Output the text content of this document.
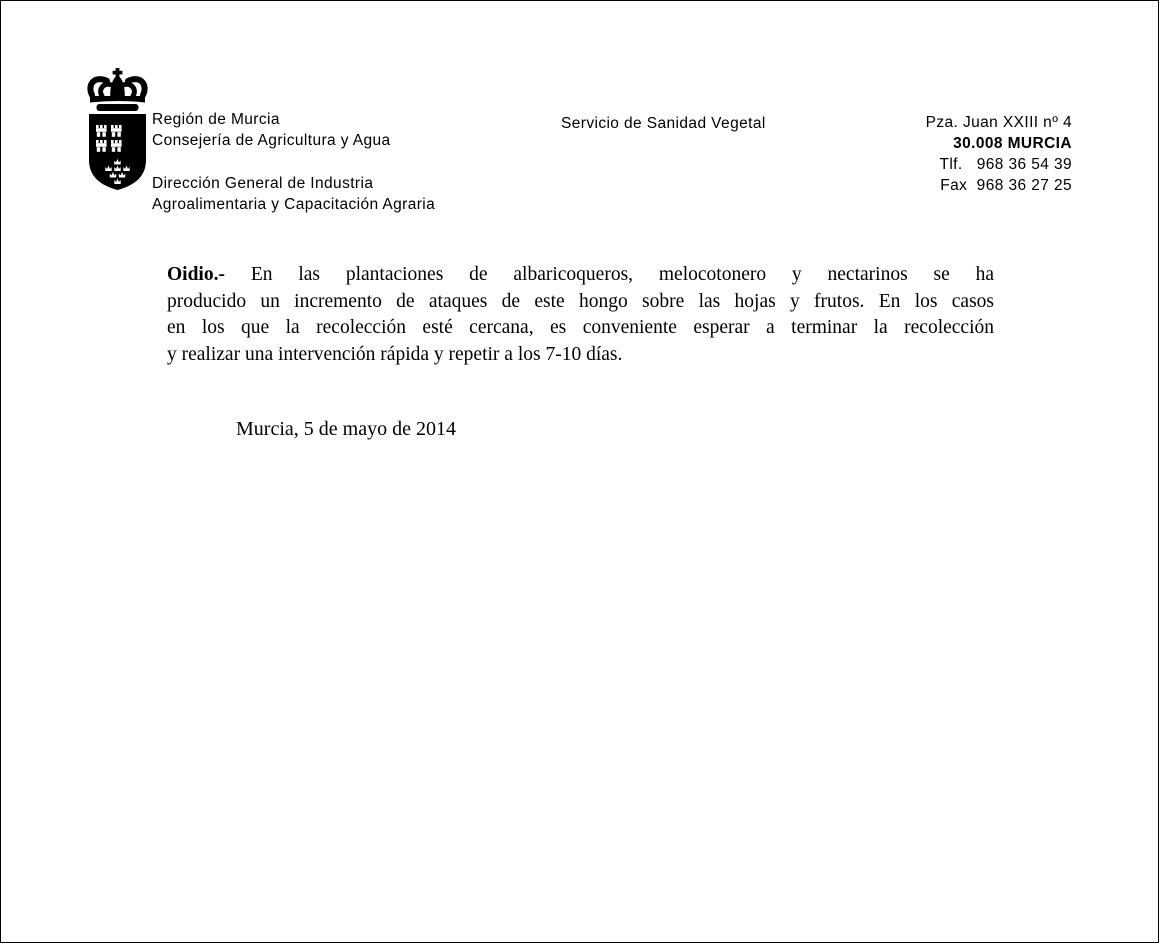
Región de Murcia
Consejería de Agricultura y Agua
Dirección General de Industria
Agroalimentaria y Capacitación Agraria
Servicio de Sanidad Vegetal	Pza. Juan XXIII nº 4
30.008 MURCIA
Tlf.   968 36 54 39
Fax  968 36 27 25
Oidio.- En las plantaciones de albaricoqueros, melocotonero y nectarinos se ha
producido un incremento de ataques de este hongo sobre las hojas y frutos. En los casos
en los que la recolección esté cercana, es conveniente esperar a terminar la recolección
y realizar una intervención rápida y repetir a los 7-10 días.
Murcia, 5 de mayo de 2014
